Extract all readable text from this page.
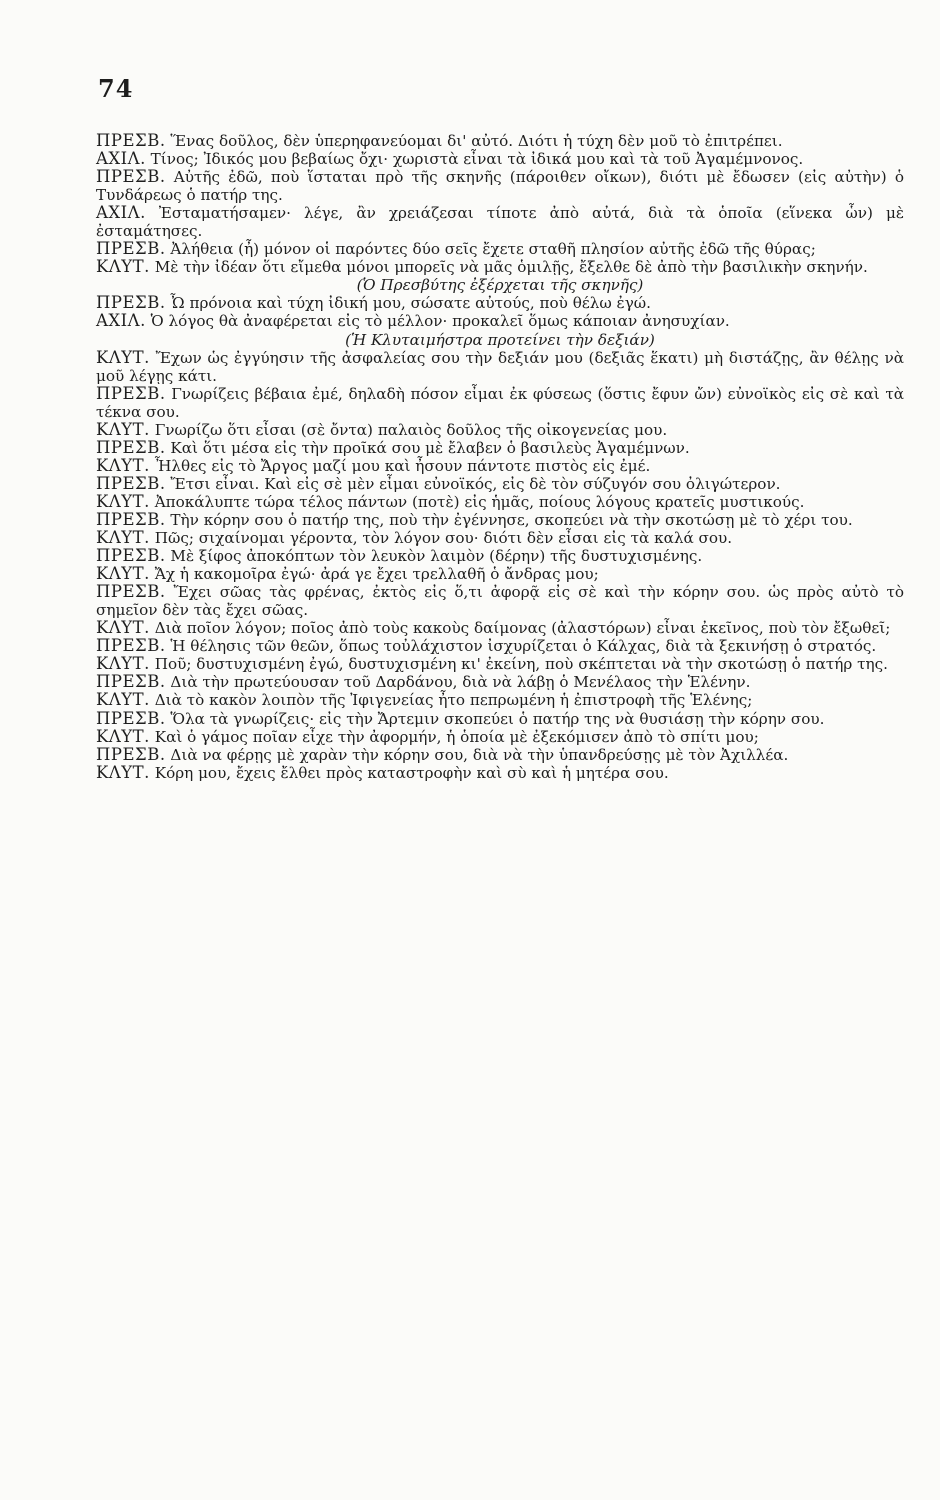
74

ΠΡΕΣΒ. Ἕνας δοῦλος, δὲν ὑπερηφανεύομαι δι' αὐτό. Διότι ἡ τύχη δὲν μοῦ τὸ ἐπιτρέπει.

ΑΧΙΛ. Τίνος; Ἰδικός μου βεβαίως ὄχι· χωριστὰ εἶναι τὰ ἰδικά μου καὶ τὰ τοῦ Ἀγαμέμνονος.

ΠΡΕΣΒ. Αὐτῆς ἐδῶ, ποὺ ἵσταται πρὸ τῆς σκηνῆς (πάροιθεν οἴκων), διότι μὲ ἔδωσεν (εἰς αὐτὴν) ὁ Τυνδάρεως ὁ πατήρ της.

ΑΧΙΛ. Ἐσταματήσαμεν· λέγε, ἂν χρειάζεσαι τίποτε ἀπὸ αὐτά, διὰ τὰ ὁποῖα (εἵνεκα ὧν) μὲ ἐσταμάτησες.

ΠΡΕΣΒ. Ἀλήθεια (ἦ) μόνον οἱ παρόντες δύο σεῖς ἔχετε σταθῆ πλησίον αὐτῆς ἐδῶ τῆς θύρας;

ΚΛΥΤ. Μὲ τὴν ἰδέαν ὅτι εἴμεθα μόνοι μπορεῖς νὰ μᾶς ὁμιλῇς, ἔξελθε δὲ ἀπὸ τὴν βασιλικὴν σκηνήν.

(Ὁ Πρεσβύτης ἐξέρχεται τῆς σκηνῆς)

ΠΡΕΣΒ. Ὦ πρόνοια καὶ τύχη ἰδική μου, σώσατε αὐτούς, ποὺ θέλω ἐγώ.

ΑΧΙΛ. Ὁ λόγος θὰ ἀναφέρεται εἰς τὸ μέλλον· προκαλεῖ ὅμως κάποιαν ἀνησυχίαν.

(Ἡ Κλυταιμήστρα προτείνει τὴν δεξιάν)

ΚΛΥΤ. Ἔχων ὡς ἐγγύησιν τῆς ἀσφαλείας σου τὴν δεξιάν μου (δεξιᾶς ἕκατι) μὴ διστάζῃς, ἂν θέλῃς νὰ μοῦ λέγῃς κάτι.

ΠΡΕΣΒ. Γνωρίζεις βέβαια ἐμέ, δηλαδὴ πόσον εἶμαι ἐκ φύσεως (ὅστις ἔφυν ὤν) εὐνοϊκὸς εἰς σὲ καὶ τὰ τέκνα σου.

ΚΛΥΤ. Γνωρίζω ὅτι εἶσαι (σὲ ὄντα) παλαιὸς δοῦλος τῆς οἰκογενείας μου.

ΠΡΕΣΒ. Καὶ ὅτι μέσα εἰς τὴν προῖκά σου μὲ ἔλαβεν ὁ βασιλεὺς Ἀγαμέμνων.

ΚΛΥΤ. Ἦλθες εἰς τὸ Ἄργος μαζί μου καὶ ἦσουν πάντοτε πιστὸς εἰς ἐμέ.

ΠΡΕΣΒ. Ἔτσι εἶναι. Καὶ εἰς σὲ μὲν εἶμαι εὐνοϊκός, εἰς δὲ τὸν σύζυγόν σου ὀλιγώτερον.

ΚΛΥΤ. Ἀποκάλυπτε τώρα τέλος πάντων (ποτὲ) εἰς ἡμᾶς, ποίους λόγους κρατεῖς μυστικούς.

ΠΡΕΣΒ. Τὴν κόρην σου ὁ πατήρ της, ποὺ τὴν ἐγέννησε, σκοπεύει νὰ τὴν σκοτώσῃ μὲ τὸ χέρι του.

ΚΛΥΤ. Πῶς; σιχαίνομαι γέροντα, τὸν λόγον σου· διότι δὲν εἶσαι εἰς τὰ καλά σου.

ΠΡΕΣΒ. Μὲ ξίφος ἀποκόπτων τὸν λευκὸν λαιμὸν (δέρην) τῆς δυστυχισμένης.

ΚΛΥΤ. Ἄχ ἡ κακομοῖρα ἐγώ· ἀρά γε ἔχει τρελλαθῆ ὁ ἄνδρας μου;

ΠΡΕΣΒ. Ἔχει σῶας τὰς φρένας, ἐκτὸς εἰς ὅ,τι ἀφορᾷ εἰς σὲ καὶ τὴν κόρην σου. ὡς πρὸς αὐτὸ τὸ σημεῖον δὲν τὰς ἔχει σῶας.

ΚΛΥΤ. Διὰ ποῖον λόγον; ποῖος ἀπὸ τοὺς κακοὺς δαίμονας (ἀλαστόρων) εἶναι ἐκεῖνος, ποὺ τὸν ἔξωθεῖ;

ΠΡΕΣΒ. Ἡ θέλησις τῶν θεῶν, ὅπως τοὐλάχιστον ἰσχυρίζεται ὁ Κάλχας, διὰ τὰ ξεκινήσῃ ὁ στρατός.

ΚΛΥΤ. Ποῦ; δυστυχισμένη ἐγώ, δυστυχισμένη κι' ἐκείνη, ποὺ σκέπτεται νὰ τὴν σκοτώσῃ ὁ πατήρ της.

ΠΡΕΣΒ. Διὰ τὴν πρωτεύουσαν τοῦ Δαρδάνου, διὰ νὰ λάβῃ ὁ Μενέλαος τὴν Ἑλένην.

ΚΛΥΤ. Διὰ τὸ κακὸν λοιπὸν τῆς Ἰφιγενείας ἦτο πεπρωμένη ἡ ἐπιστροφὴ τῆς Ἑλένης;

ΠΡΕΣΒ. Ὅλα τὰ γνωρίζεις· εἰς τὴν Ἄρτεμιν σκοπεύει ὁ πατήρ της νὰ θυσιάσῃ τὴν κόρην σου.

ΚΛΥΤ. Καὶ ὁ γάμος ποῖαν εἶχε τὴν ἀφορμήν, ἡ ὁποία μὲ ἐξεκόμισεν ἀπὸ τὸ σπίτι μου;

ΠΡΕΣΒ. Διὰ να φέρῃς μὲ χαρὰν τὴν κόρην σου, διὰ νὰ τὴν ὑπανδρεύσῃς μὲ τὸν Ἀχιλλέα.

ΚΛΥΤ. Κόρη μου, ἔχεις ἔλθει πρὸς καταστροφὴν καὶ σὺ καὶ ἡ μητέρα σου.
